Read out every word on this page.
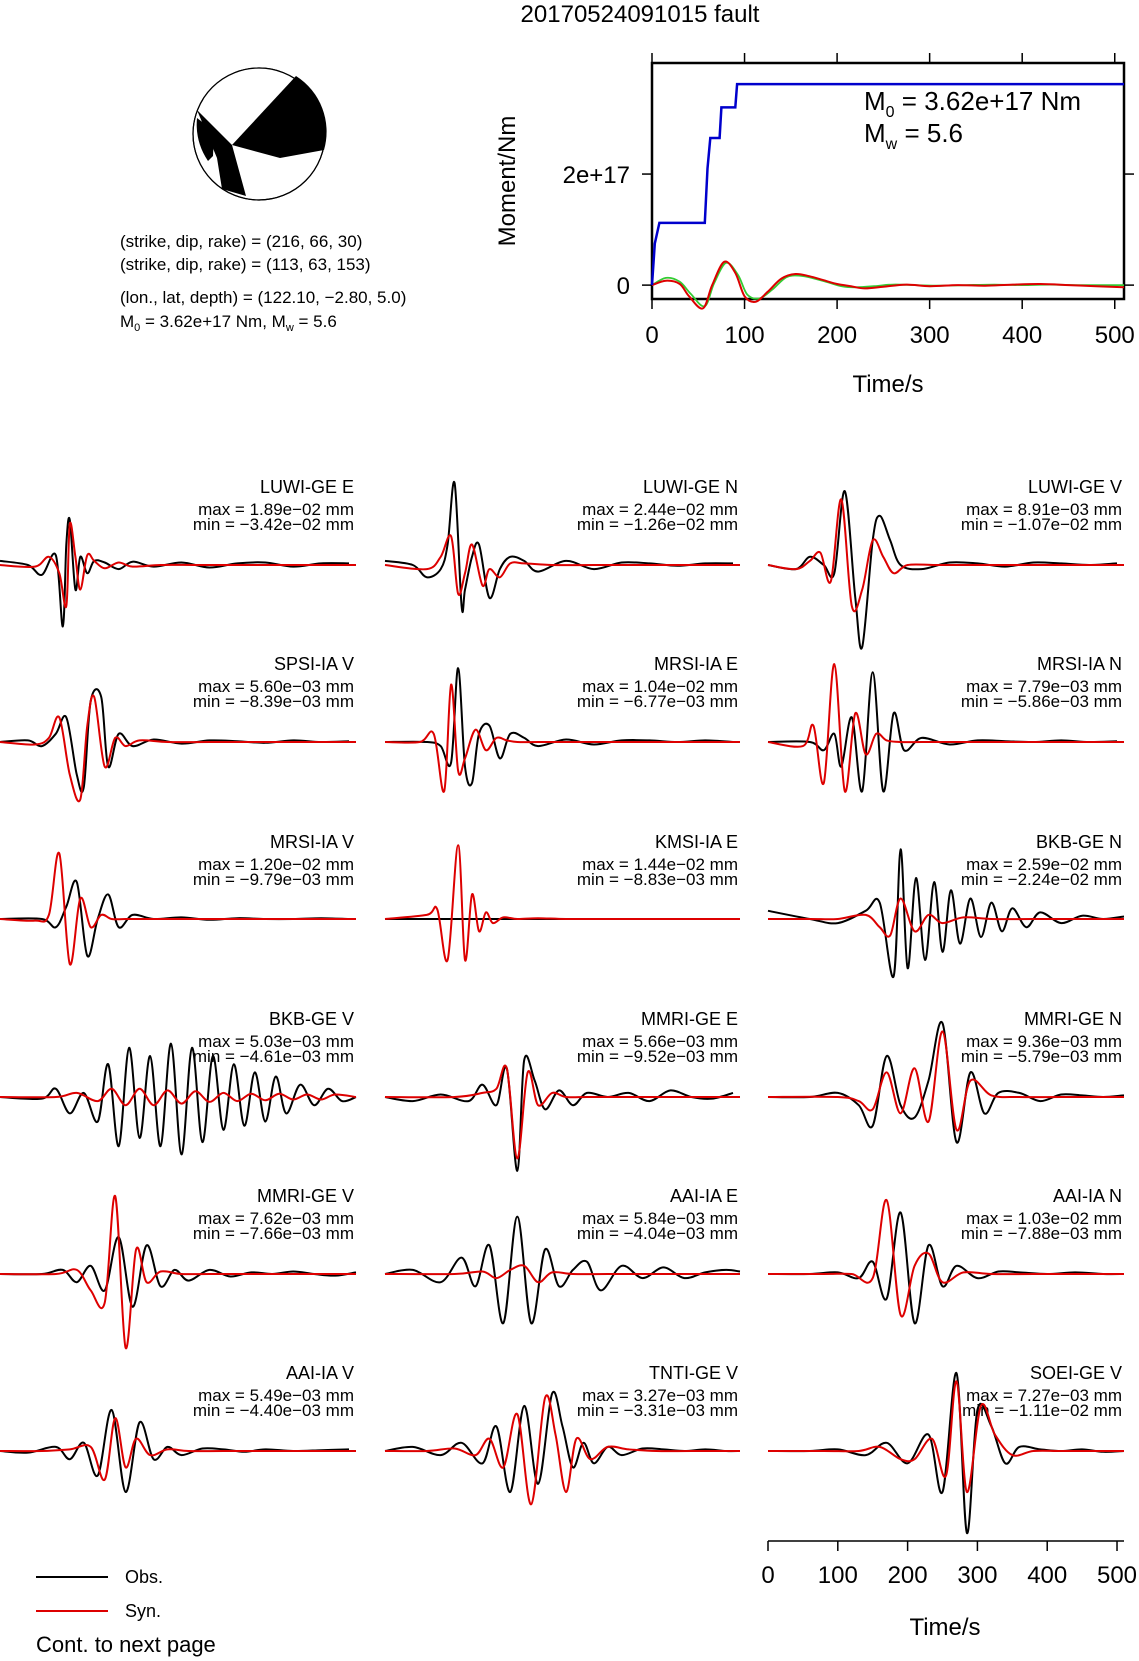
20170524091015 fault
(strike, dip, rake) = (216, 66, 30)
(strike, dip, rake) = (113, 63, 153)
(lon., lat, depth) = (122.10, −2.80, 5.0)
$M_0 = 3.62e+17$ Nm, $M_w = 5.6$
0	100 200 300 400 500
0
2e+17
Time/s
Moment/Nm
$M_0 = 3.62e+17$ Nm
$M_w = 5.6$
LUWI-GE E
max = 1.89e−02 mm
min = −3.42e−02 mm
LUWI-GE N
max = 2.44e−02 mm
min = −1.26e−02 mm
LUWI-GE V
max = 8.91e−03 mm
min = −1.07e−02 mm
SPSI-IA V
max = 5.60e−03 mm
min = −8.39e−03 mm
MRSI-IA E
max = 1.04e−02 mm
min = −6.77e−03 mm
MRSI-IA N
max = 7.79e−03 mm
min = −5.86e−03 mm
MRSI-IA V
max = 1.20e−02 mm
min = −9.79e−03 mm
KMSI-IA E
max = 1.44e−02 mm
min = −8.83e−03 mm
BKB-GE N
max = 2.59e−02 mm
min = −2.24e−02 mm
BKB-GE V
max = 5.03e−03 mm
min = −4.61e−03 mm
MMRI-GE E
max = 5.66e−03 mm
min = −9.52e−03 mm
MMRI-GE N
max = 9.36e−03 mm
min = −5.79e−03 mm
MMRI-GE V
max = 7.62e−03 mm
min = −7.66e−03 mm
AAI-IA E
max = 5.84e−03 mm
min = −4.04e−03 mm
AAI-IA N
max = 1.03e−02 mm
min = −7.88e−03 mm
AAI-IA V
max = 5.49e−03 mm
min = −4.40e−03 mm
TNTI-GE V
max = 3.27e−03 mm
min = −3.31e−03 mm
SOEI-GE V
max = 7.27e−03 mm
min = −1.11e−02 mm
Time/s
0 100 200 300 400 500
Obs.
Syn.
Cont. to next page
